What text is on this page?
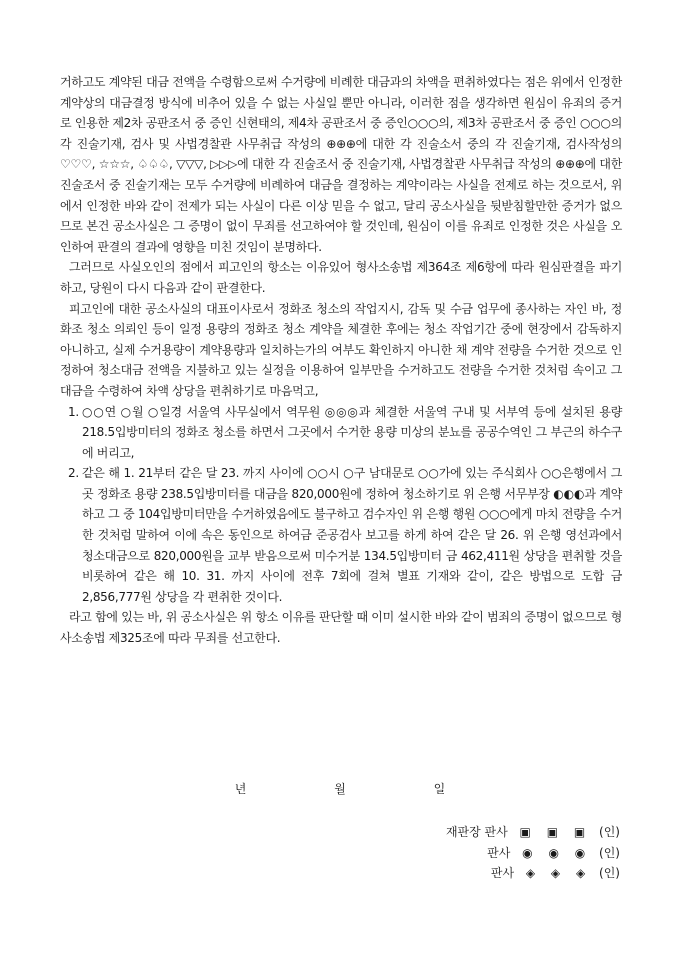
거하고도 계약된 대금 전액을 수령함으로써 수거량에 비례한 대금과의 차액을 편취하였다는 점은 위에서 인정한 계약상의 대금결정 방식에 비추어 있을 수 없는 사실일 뿐만 아니라, 이러한 점을 생각하면 원심이 유죄의 증거로 인용한 제2차 공판조서 중 증인 신현태의, 제4차 공판조서 중 증인○○○의, 제3차 공판조서 중 증인 ○○○의 각 진술기재, 검사 및 사법경찰관 사무취급 작성의 ⊕⊕⊕에 대한 각 진술소서 중의 각 진술기재, 검사작성의 ♡♡♡, ☆☆☆, ♤♤♤, ▽▽▽, ▷▷▷에 대한 각 진술조서 중 진술기재, 사법경찰관 사무취급 작성의 ⊕⊕⊕에 대한 진술조서 중 진술기재는 모두 수거량에 비례하여 대금을 결정하는 계약이라는 사실을 전제로 하는 것으로서, 위에서 인정한 바와 같이 전제가 되는 사실이 다른 이상 믿을 수 없고, 달리 공소사실을 뒷받침할만한 증거가 없으므로 본건 공소사실은 그 증명이 없이 무죄를 선고하여야 할 것인데, 원심이 이를 유죄로 인정한 것은 사실을 오인하여 판결의 결과에 영향을 미친 것임이 분명하다.

그러므로 사실오인의 점에서 피고인의 항소는 이유있어 형사소송법 제364조 제6항에 따라 원심판결을 파기하고, 당원이 다시 다음과 같이 판결한다.

피고인에 대한 공소사실의 대표이사로서 정화조 청소의 작업지시, 감독 및 수금 업무에 종사하는 자인 바, 정화조 청소 의뢰인 등이 일정 용량의 정화조 청소 계약을 체결한 후에는 청소 작업기간 중에 현장에서 감독하지 아니하고, 실제 수거용량이 계약용량과 일치하는가의 여부도 확인하지 아니한 채 계약 전량을 수거한 것으로 인정하여 청소대금 전액을 지불하고 있는 실정을 이용하여 일부만을 수거하고도 전량을 수거한 것처럼 속이고 그 대금을 수령하여 차액 상당을 편취하기로 마음먹고,

1. ○○연 ○월 ○일경 서울역 사무실에서 역무원 ◎◎◎과 체결한 서울역 구내 및 서부역 등에 설치된 용량 218.5입방미터의 정화조 청소를 하면서 그곳에서 수거한 용량 미상의 분뇨를 공공수역인 그 부근의 하수구에 버리고,
2. 같은 해 1. 21부터 같은 달 23. 까지 사이에 ○○시 ○구 남대문로 ○○가에 있는 주식회사 ○○은행에서 그곳 정화조 용량 238.5입방미터를 대금을 820,000원에 정하여 청소하기로 위 은행 서무부장 ◐◐◐과 계약하고 그 중 104입방미터만을 수거하였음에도 불구하고 검수자인 위 은행 행원 ○○○에게 마치 전량을 수거한 것처럼 말하여 이에 속은 동인으로 하여금 준공검사 보고를 하게 하여 같은 달 26. 위 은행 영선과에서 청소대금으로 820,000원을 교부 받음으로써 미수거분 134.5입방미터 금 462,411원 상당을 편취할 것을 비롯하여 같은 해 10. 31. 까지 사이에 전후 7회에 걸쳐 별표 기재와 같이, 같은 방법으로 도합 금 2,856,777원 상당을 각 편취한 것이다.

라고 함에 있는 바, 위 공소사실은 위 항소 이유를 판단할 때 이미 설시한 바와 같이 범죄의 증명이 없으므로 형사소송법 제325조에 따라 무죄를 선고한다.

년	월	일
재판장 판사 ▣ ▣ ▣ (인)
판사 ◉ ◉ ◉ (인)
판사 ◈ ◈ ◈ (인)
